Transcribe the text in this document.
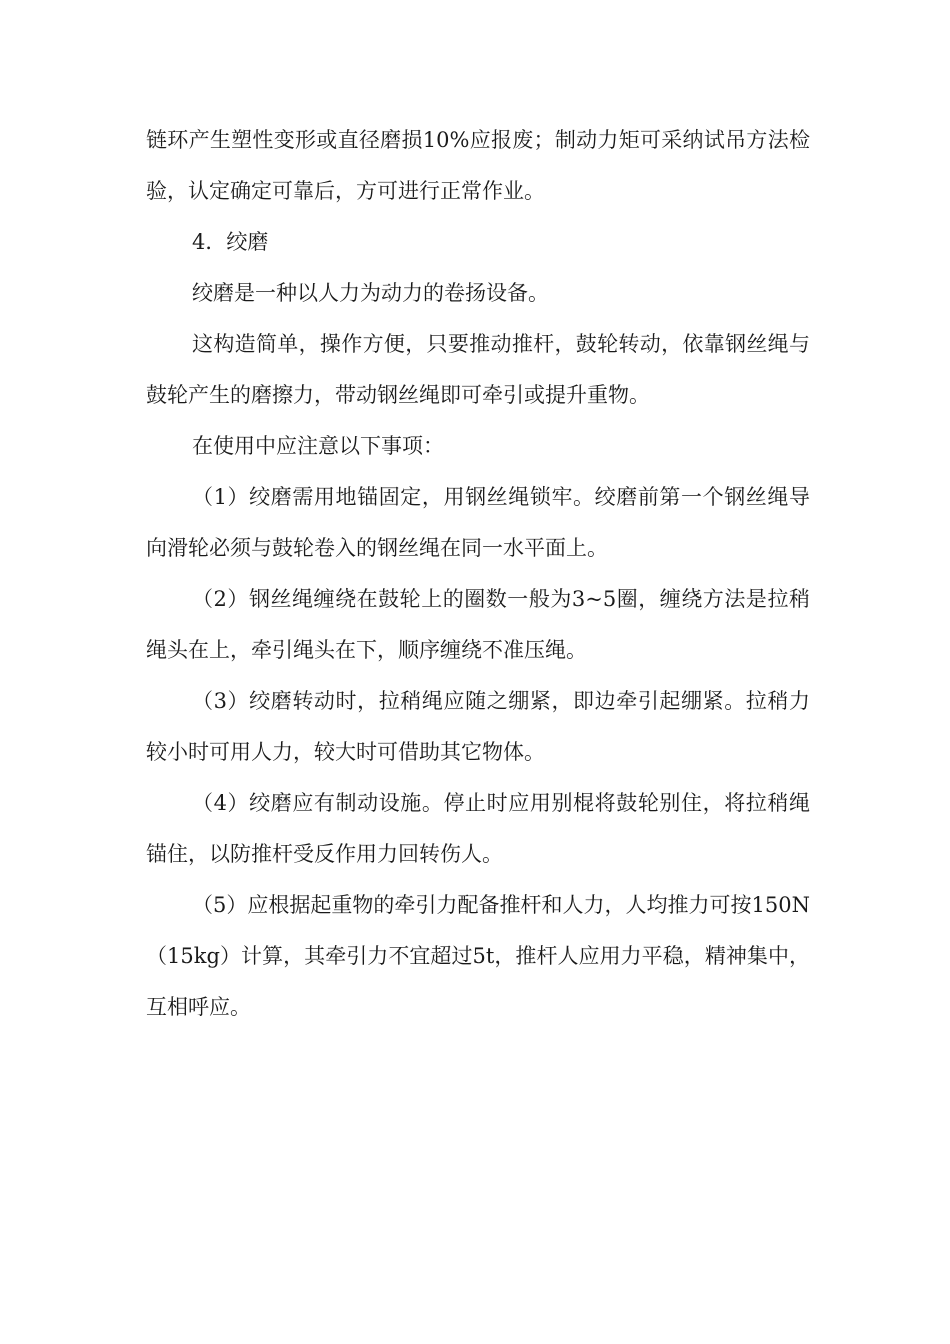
链环产生塑性变形或直径磨损10%应报废；制动力矩可采纳试吊方法检验，认定确定可靠后，方可进行正常作业。

4．绞磨

绞磨是一种以人力为动力的卷扬设备。

这构造简单，操作方便，只要推动推杆，鼓轮转动，依靠钢丝绳与鼓轮产生的磨擦力，带动钢丝绳即可牵引或提升重物。

在使用中应注意以下事项：

（1）绞磨需用地锚固定，用钢丝绳锁牢。绞磨前第一个钢丝绳导向滑轮必须与鼓轮卷入的钢丝绳在同一水平面上。

（2）钢丝绳缠绕在鼓轮上的圈数一般为3~5圈，缠绕方法是拉稍绳头在上，牵引绳头在下，顺序缠绕不准压绳。

（3）绞磨转动时，拉稍绳应随之绷紧，即边牵引起绷紧。拉稍力较小时可用人力，较大时可借助其它物体。

（4）绞磨应有制动设施。停止时应用别棍将鼓轮别住，将拉稍绳锚住，以防推杆受反作用力回转伤人。

（5）应根据起重物的牵引力配备推杆和人力，人均推力可按150N（15kg）计算，其牵引力不宜超过5t，推杆人应用力平稳，精神集中，互相呼应。
